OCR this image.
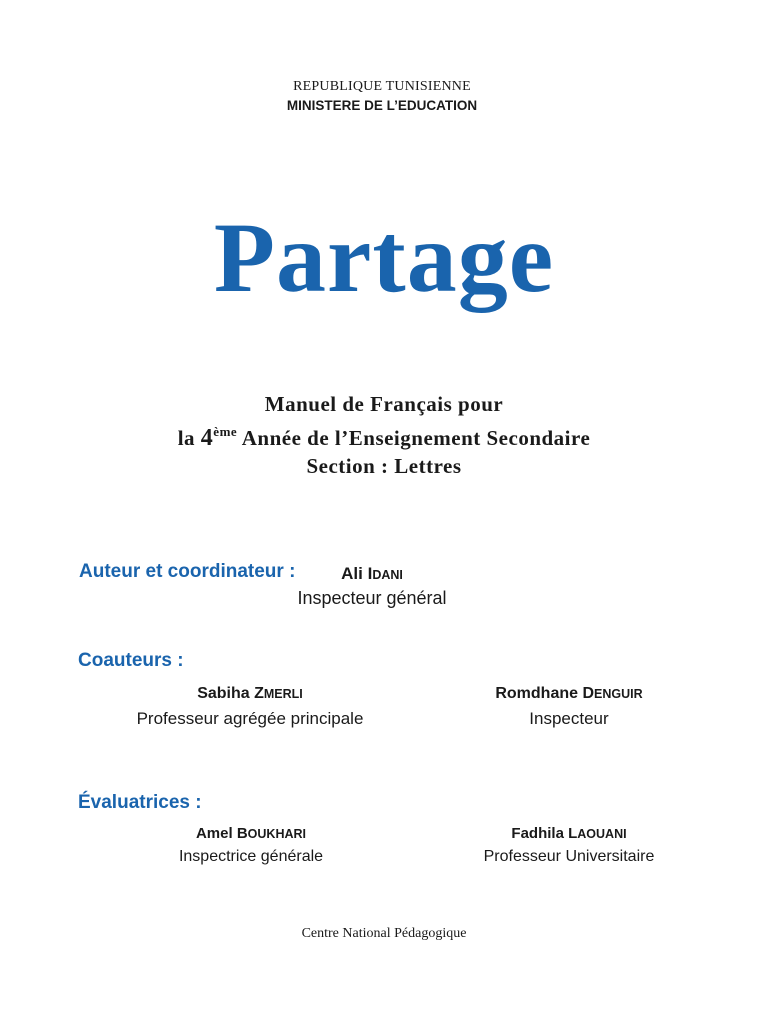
REPUBLIQUE TUNISIENNE
MINISTERE DE L’EDUCATION
Partage
Manuel de Français pour
la 4ème Année de l’Enseignement Secondaire
Section : Lettres
Auteur et coordinateur :	Ali IDANI
Inspecteur général
Coauteurs :
Sabiha ZMERLI
Professeur agrégée principale
Romdhane DENGUIR
Inspecteur
Évaluatrices :
Amel BOUKHARI
Inspectrice générale
Fadhila LAOUANI
Professeur Universitaire
Centre National Pédagogique
